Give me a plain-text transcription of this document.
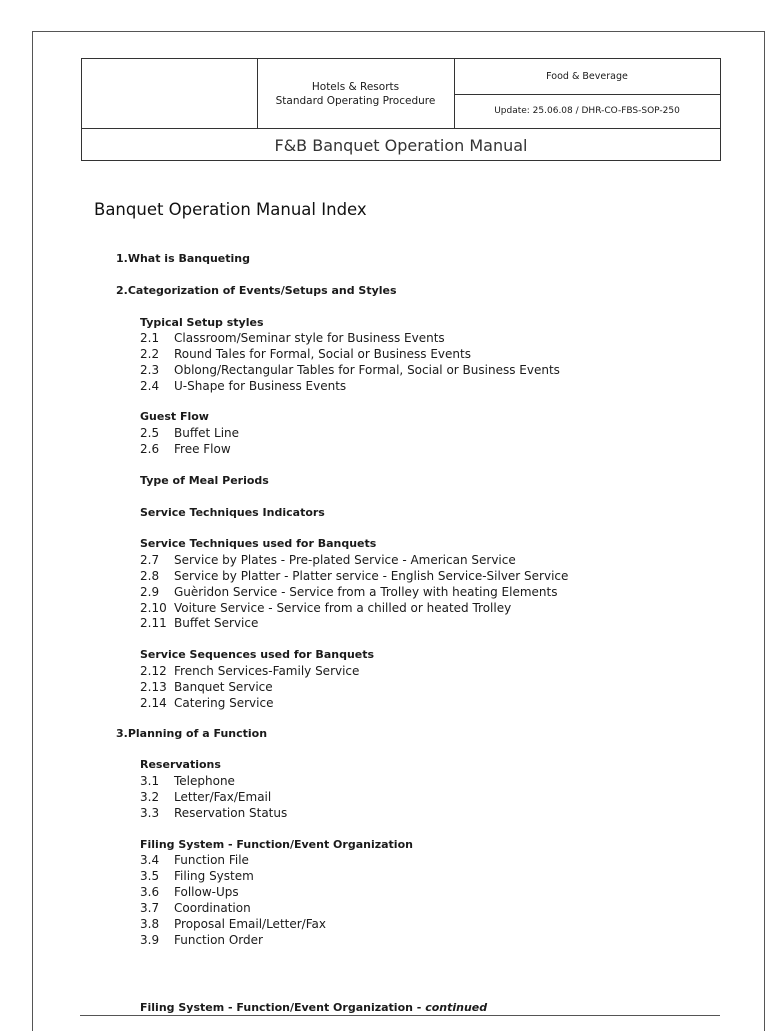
Hotels & Resorts
Standard Operating Procedure
Food & Beverage
Update: 25.06.08 / DHR-CO-FBS-SOP-250
F&B Banquet Operation Manual
Banquet Operation Manual Index
1.What is Banqueting
2.Categorization of Events/Setups and Styles
Typical Setup styles
2.1 Classroom/Seminar style for Business Events
2.2 Round Tales for Formal, Social or Business Events
2.3 Oblong/Rectangular Tables for Formal, Social or Business Events
2.4 U-Shape for Business Events
Guest Flow
2.5 Buffet Line
2.6 Free Flow
Type of Meal Periods
Service Techniques Indicators
Service Techniques used for Banquets
2.7 Service by Plates - Pre-plated Service - American Service
2.8 Service by Platter - Platter service - English Service-Silver Service
2.9 Guèridon Service - Service from a Trolley with heating Elements
2.10 Voiture Service - Service from a chilled or heated Trolley
2.11 Buffet Service
Service Sequences used for Banquets
2.12 French Services-Family Service
2.13 Banquet Service
2.14 Catering Service
3.Planning of a Function
Reservations
3.1 Telephone
3.2 Letter/Fax/Email
3.3 Reservation Status
Filing System - Function/Event Organization
3.4 Function File
3.5 Filing System
3.6 Follow-Ups
3.7 Coordination
3.8 Proposal Email/Letter/Fax
3.9 Function Order
Filing System - Function/Event Organization - continued
